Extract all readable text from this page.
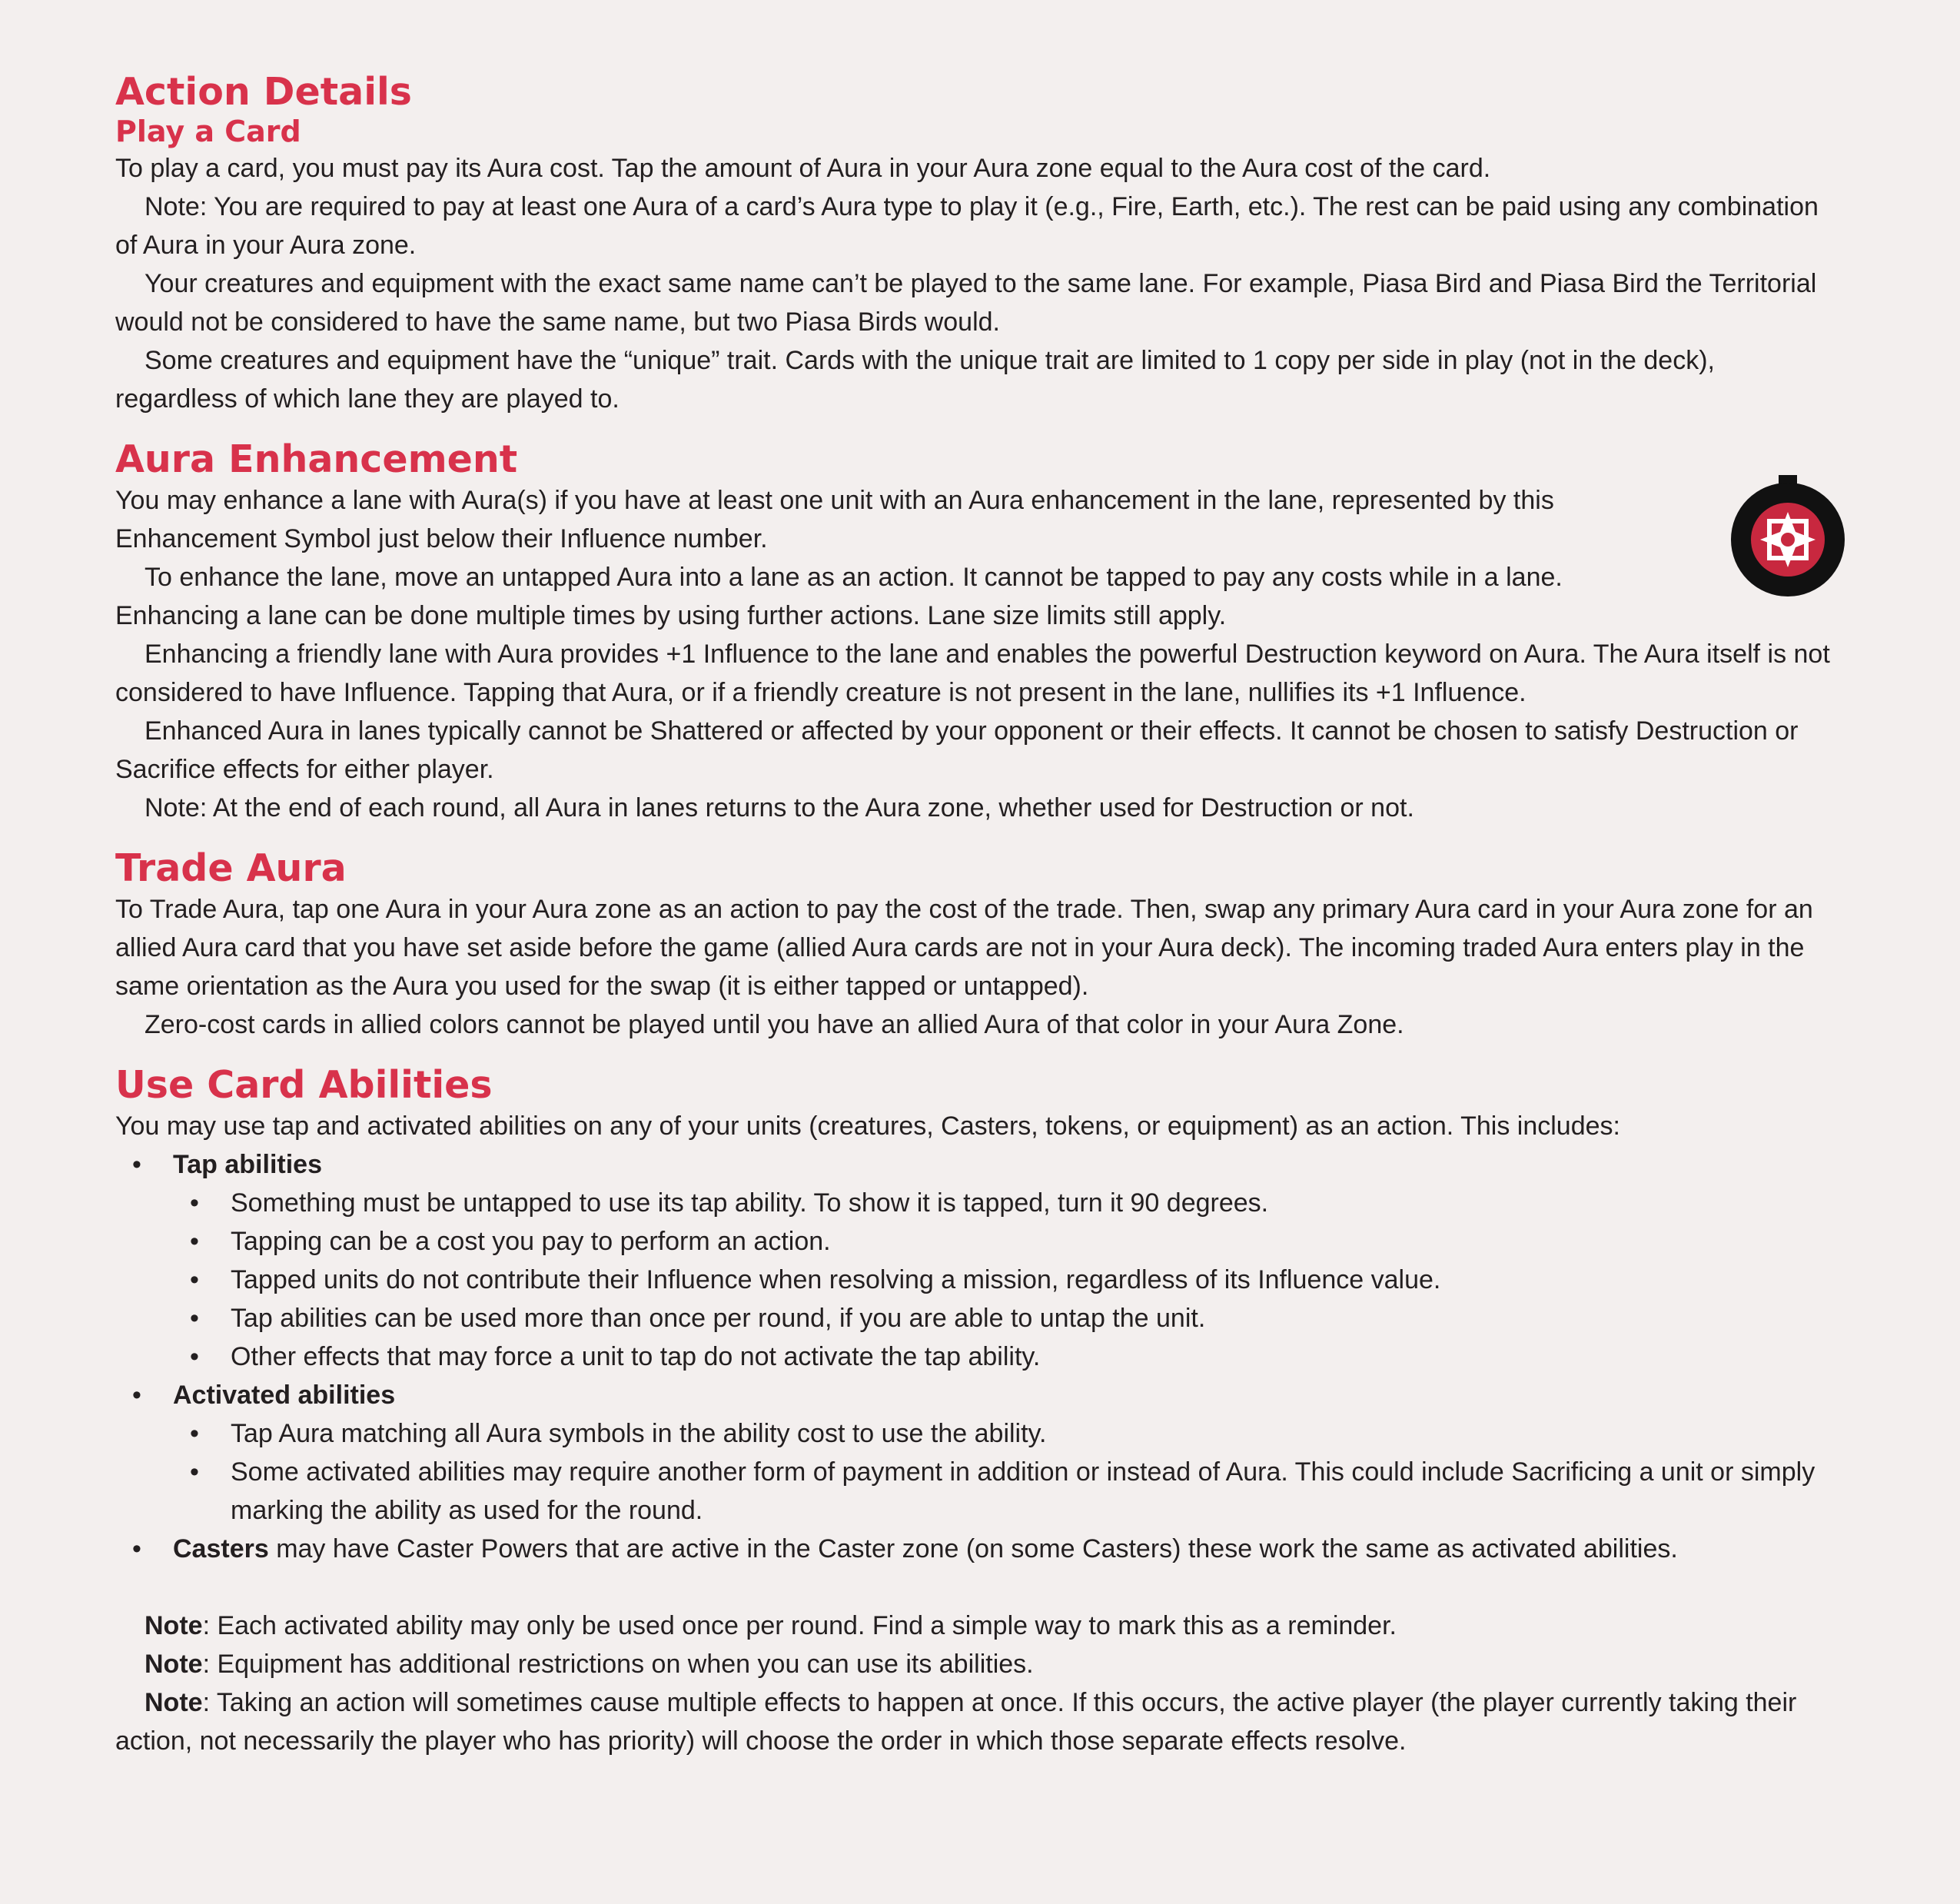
Action Details
Play a Card

To play a card, you must pay its Aura cost. Tap the amount of Aura in your Aura zone equal to the Aura cost of the card.

Note: You are required to pay at least one Aura of a card’s Aura type to play it (e.g., Fire, Earth, etc.). The rest can be paid using any combination of Aura in your Aura zone.

Your creatures and equipment with the exact same name can’t be played to the same lane. For example, Piasa Bird and Piasa Bird the Territorial would not be considered to have the same name, but two Piasa Birds would.

Some creatures and equipment have the “unique” trait. Cards with the unique trait are limited to 1 copy per side in play (not in the deck), regardless of which lane they are played to.

Aura Enhancement

You may enhance a lane with Aura(s) if you have at least one unit with an Aura enhancement in the lane, represented by this Enhancement Symbol just below their Influence number.

To enhance the lane, move an untapped Aura into a lane as an action. It cannot be tapped to pay any costs while in a lane. Enhancing a lane can be done multiple times by using further actions. Lane size limits still apply.

Enhancing a friendly lane with Aura provides +1 Influence to the lane and enables the powerful Destruction keyword on Aura. The Aura itself is not considered to have Influence. Tapping that Aura, or if a friendly creature is not present in the lane, nullifies its +1 Influence.

Enhanced Aura in lanes typically cannot be Shattered or affected by your opponent or their effects. It cannot be chosen to satisfy Destruction or Sacrifice effects for either player.

Note: At the end of each round, all Aura in lanes returns to the Aura zone, whether used for Destruction or not.

Trade Aura

To Trade Aura, tap one Aura in your Aura zone as an action to pay the cost of the trade. Then, swap any primary Aura card in your Aura zone for an allied Aura card that you have set aside before the game (allied Aura cards are not in your Aura deck). The incoming traded Aura enters play in the same orientation as the Aura you used for the swap (it is either tapped or untapped).

Zero-cost cards in allied colors cannot be played until you have an allied Aura of that color in your Aura Zone.

Use Card Abilities

You may use tap and activated abilities on any of your units (creatures, Casters, tokens, or equipment) as an action. This includes:

• Tap abilities
• Something must be untapped to use its tap ability. To show it is tapped, turn it 90 degrees.
• Tapping can be a cost you pay to perform an action.
• Tapped units do not contribute their Influence when resolving a mission, regardless of its Influence value.
• Tap abilities can be used more than once per round, if you are able to untap the unit.
• Other effects that may force a unit to tap do not activate the tap ability.
• Activated abilities
• Tap Aura matching all Aura symbols in the ability cost to use the ability.
• Some activated abilities may require another form of payment in addition or instead of Aura. This could include Sacrificing a unit or simply marking the ability as used for the round.
• Casters may have Caster Powers that are active in the Caster zone (on some Casters) these work the same as activated abilities.

Note: Each activated ability may only be used once per round. Find a simple way to mark this as a reminder.

Note: Equipment has additional restrictions on when you can use its abilities.

Note: Taking an action will sometimes cause multiple effects to happen at once. If this occurs, the active player (the player currently taking their action, not necessarily the player who has priority) will choose the order in which those separate effects resolve.
